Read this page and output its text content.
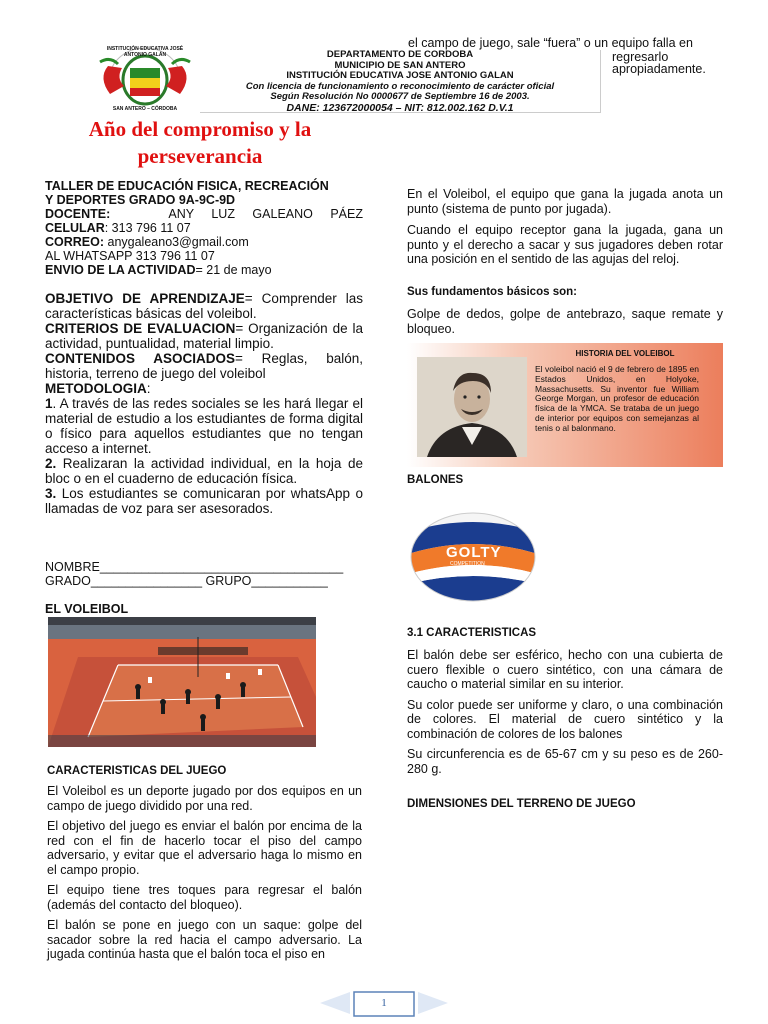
INSTITUCIÓN EDUCATIVA JOSÉ ANTONIO GALÁN
SAN ANTERO – CÓRDOBA
DEPARTAMENTO DE CORDOBA
MUNICIPIO DE SAN ANTERO
INSTITUCIÓN EDUCATIVA JOSE ANTONIO GALAN
Con licencia de funcionamiento o reconocimiento de carácter oficial
Según Resolución No 0000677 de Septiembre 16 de 2003.
DANE: 123672000054 – NIT: 812.002.162 D.V.1
el campo de juego, sale “fuera” o un equipo falla en
regresarlo
apropiadamente.
Año del compromiso y la
perseverancia
TALLER DE EDUCACIÓN FISICA, RECREACIÓN
Y DEPORTES GRADO 9A-9C-9D
DOCENTE:	ANY LUZ GALEANO PÁEZ
CELULAR: 313 796 11 07
CORREO: anygaleano3@gmail.com
AL WHATSAPP 313 796 11 07
ENVIO DE LA ACTIVIDAD= 21 de mayo
OBJETIVO DE APRENDIZAJE= Comprender las características básicas del voleibol.
CRITERIOS DE EVALUACION= Organización de la actividad, puntualidad, material limpio.
CONTENIDOS ASOCIADOS= Reglas, balón, historia, terreno de juego del voleibol
METODOLOGIA:
1. A través de las redes sociales se les hará llegar el material de estudio a los estudiantes de forma digital o físico para aquellos estudiantes que no tengan acceso a internet.
2. Realizaran la actividad individual, en la hoja de bloc o en el cuaderno de educación física.
3. Los estudiantes se comunicaran por whatsApp o llamadas de voz para ser asesorados.
NOMBRE___________________________________
GRADO________________ GRUPO___________
EL VOLEIBOL
CARACTERISTICAS DEL JUEGO

El Voleibol es un deporte jugado por dos equipos en un campo de juego dividido por una red.

El objetivo del juego es enviar el balón por encima de la red con el fin de hacerlo tocar el piso del campo adversario, y evitar que el adversario haga lo mismo en el campo propio.

El equipo tiene tres toques para regresar el balón (además del contacto del bloqueo).

El balón se pone en juego con un saque: golpe del sacador sobre la red hacia el campo adversario. La jugada continúa hasta que el balón toca el piso en

En el Voleibol, el equipo que gana la jugada anota un punto (sistema de punto por jugada).

Cuando el equipo receptor gana la jugada, gana un punto y el derecho a sacar y sus jugadores deben rotar una posición en el sentido de las agujas del reloj.

Sus fundamentos básicos son:

Golpe de dedos, golpe de antebrazo, saque remate y bloqueo.

HISTORIA DEL VOLEIBOL
El voleibol nació el 9 de febrero de 1895 en Estados Unidos, en Holyoke, Massachusetts. Su inventor fue William George Morgan, un profesor de educación física de la YMCA. Se trataba de un juego de interior por equipos con semejanzas al tenis o al balonmano.
BALONES
GOLTY
COMPETITION
NX 2022
3.1 CARACTERISTICAS

El balón debe ser esférico, hecho con una cubierta de cuero flexible o cuero sintético, con una cámara de caucho o material similar en su interior.

Su color puede ser uniforme y claro, o una combinación de colores. El material de cuero sintético y la combinación de colores de los balones

Su circunferencia es de 65-67 cm y su peso es de 260-280 g.

DIMENSIONES DEL TERRENO DE JUEGO
1
